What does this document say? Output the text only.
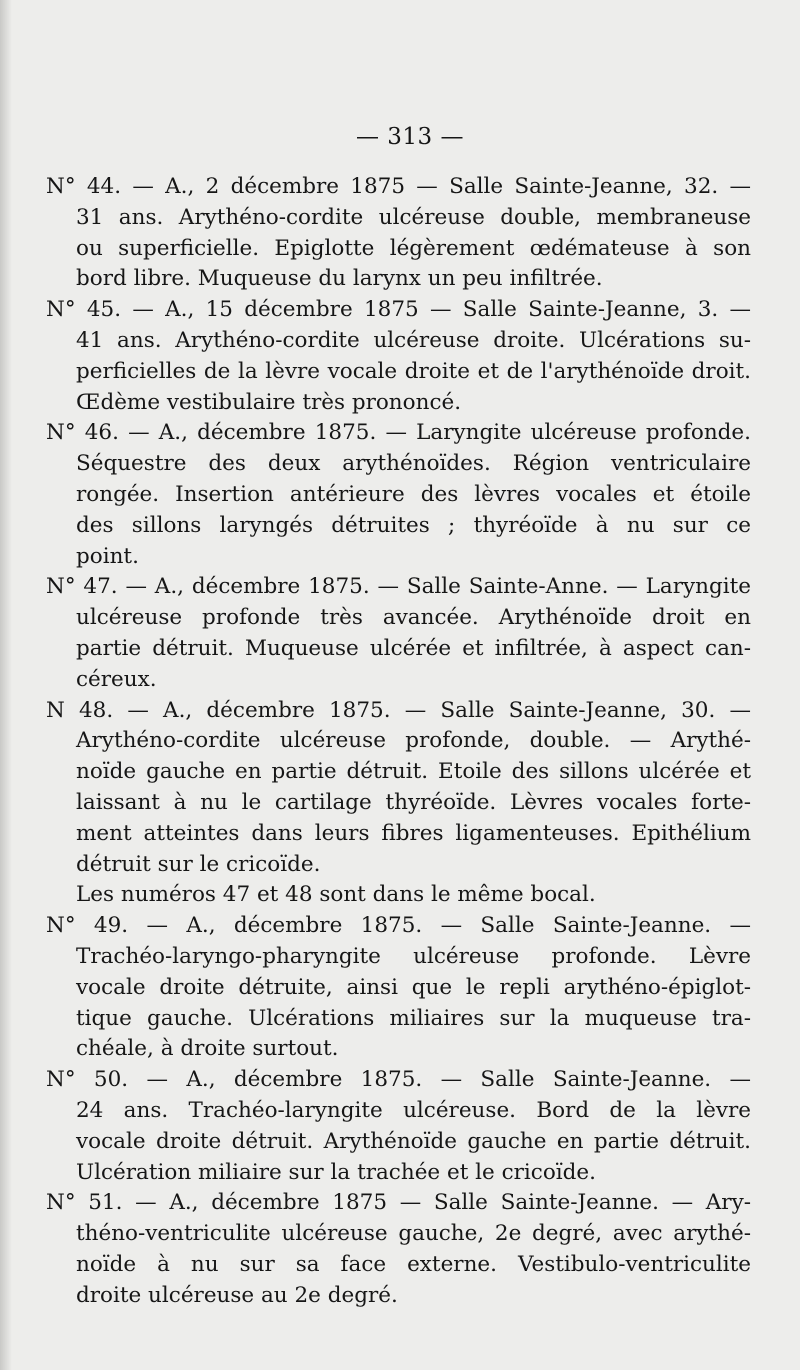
— 313 —
N° 44. — A., 2 décembre 1875 — Salle Sainte-Jeanne, 32. —
31 ans. Arythéno-cordite ulcéreuse double, membraneuse
ou superficielle. Epiglotte légèrement œdémateuse à son
bord libre. Muqueuse du larynx un peu infiltrée.
N° 45. — A., 15 décembre 1875 — Salle Sainte-Jeanne, 3. —
41 ans. Arythéno-cordite ulcéreuse droite. Ulcérations su-
perficielles de la lèvre vocale droite et de l'arythénoïde droit.
Œdème vestibulaire très prononcé.
N° 46. — A., décembre 1875. — Laryngite ulcéreuse profonde.
Séquestre des deux arythénoïdes. Région ventriculaire
rongée. Insertion antérieure des lèvres vocales et étoile
des sillons laryngés détruites ; thyréoïde à nu sur ce
point.
N° 47. — A., décembre 1875. — Salle Sainte-Anne. — Laryngite
ulcéreuse profonde très avancée. Arythénoïde droit en
partie détruit. Muqueuse ulcérée et infiltrée, à aspect can-
céreux.
N 48. — A., décembre 1875. — Salle Sainte-Jeanne, 30. —
Arythéno-cordite ulcéreuse profonde, double. — Arythé-
noïde gauche en partie détruit. Etoile des sillons ulcérée et
laissant à nu le cartilage thyréoïde. Lèvres vocales forte-
ment atteintes dans leurs fibres ligamenteuses. Epithélium
détruit sur le cricoïde.
Les numéros 47 et 48 sont dans le même bocal.
N° 49. — A., décembre 1875. — Salle Sainte-Jeanne. —
Trachéo-laryngo-pharyngite ulcéreuse profonde. Lèvre
vocale droite détruite, ainsi que le repli arythéno-épiglot-
tique gauche. Ulcérations miliaires sur la muqueuse tra-
chéale, à droite surtout.
N° 50. — A., décembre 1875. — Salle Sainte-Jeanne. —
24 ans. Trachéo-laryngite ulcéreuse. Bord de la lèvre
vocale droite détruit. Arythénoïde gauche en partie détruit.
Ulcération miliaire sur la trachée et le cricoïde.
N° 51. — A., décembre 1875 — Salle Sainte-Jeanne. — Ary-
théno-ventriculite ulcéreuse gauche, 2e degré, avec arythé-
noïde à nu sur sa face externe. Vestibulo-ventriculite
droite ulcéreuse au 2e degré.
